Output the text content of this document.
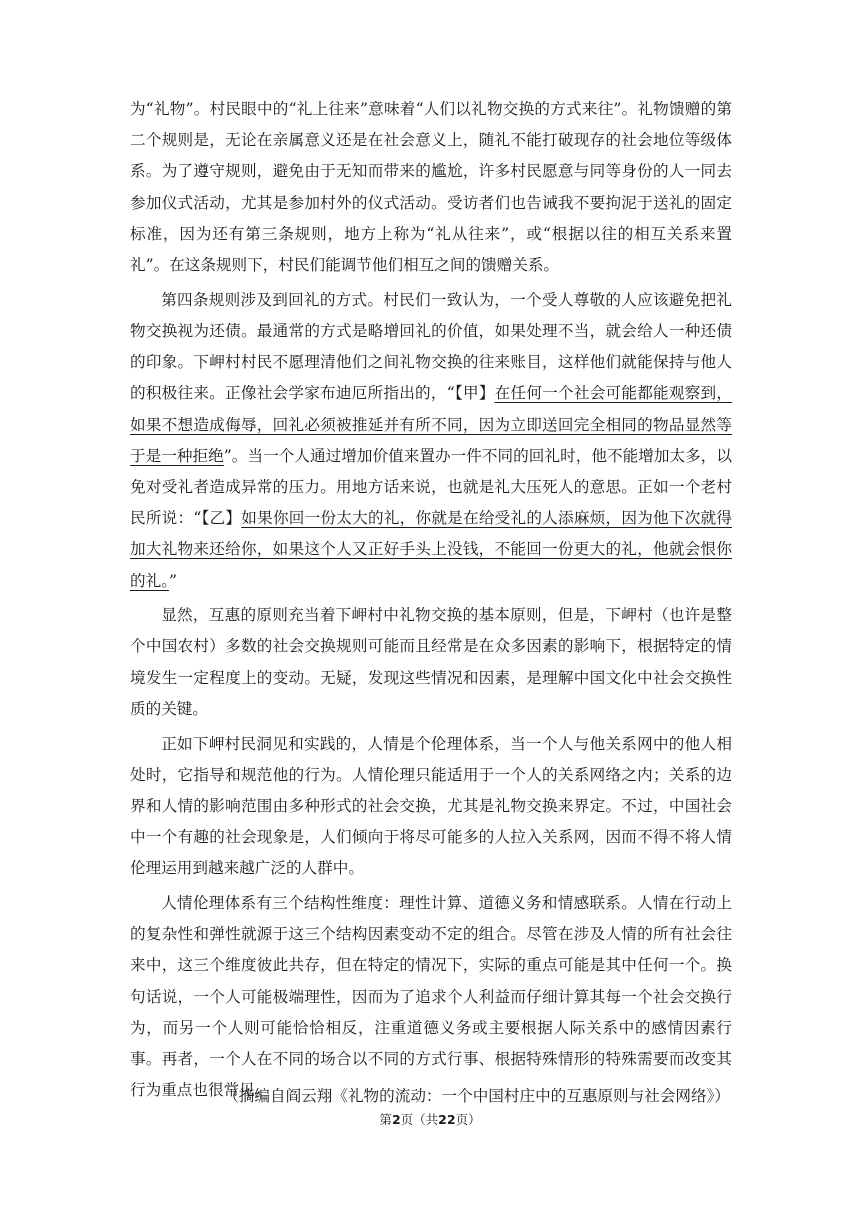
为“礼物”。村民眼中的“礼上往来”意味着“人们以礼物交换的方式来往”。礼物馈赠的第二个规则是，无论在亲属意义还是在社会意义上，随礼不能打破现存的社会地位等级体系。为了遵守规则，避免由于无知而带来的尴尬，许多村民愿意与同等身份的人一同去参加仪式活动，尤其是参加村外的仪式活动。受访者们也告诫我不要拘泥于送礼的固定标准，因为还有第三条规则，地方上称为“礼从往来”，或“根据以往的相互关系来置礼”。在这条规则下，村民们能调节他们相互之间的馈赠关系。

第四条规则涉及到回礼的方式。村民们一致认为，一个受人尊敬的人应该避免把礼物交换视为还债。最通常的方式是略增回礼的价值，如果处理不当，就会给人一种还债的印象。下岬村村民不愿理清他们之间礼物交换的往来账目，这样他们就能保持与他人的积极往来。正像社会学家布迪厄所指出的，“【甲】在任何一个社会可能都能观察到，如果不想造成侮辱，回礼必须被推延并有所不同，因为立即送回完全相同的物品显然等于是一种拒绝”。当一个人通过增加价值来置办一件不同的回礼时，他不能增加太多，以免对受礼者造成异常的压力。用地方话来说，也就是礼大压死人的意思。正如一个老村民所说：“【乙】如果你回一份太大的礼，你就是在给受礼的人添麻烦，因为他下次就得加大礼物来还给你，如果这个人又正好手头上没钱，不能回一份更大的礼，他就会恨你的礼。”

显然，互惠的原则充当着下岬村中礼物交换的基本原则，但是，下岬村（也许是整个中国农村）多数的社会交换规则可能而且经常是在众多因素的影响下，根据特定的情境发生一定程度上的变动。无疑，发现这些情况和因素，是理解中国文化中社会交换性质的关键。

正如下岬村民洞见和实践的，人情是个伦理体系，当一个人与他关系网中的他人相处时，它指导和规范他的行为。人情伦理只能适用于一个人的关系网络之内；关系的边界和人情的影响范围由多种形式的社会交换，尤其是礼物交换来界定。不过，中国社会中一个有趣的社会现象是，人们倾向于将尽可能多的人拉入关系网，因而不得不将人情伦理运用到越来越广泛的人群中。

人情伦理体系有三个结构性维度：理性计算、道德义务和情感联系。人情在行动上的复杂性和弹性就源于这三个结构因素变动不定的组合。尽管在涉及人情的所有社会往来中，这三个维度彼此共存，但在特定的情况下，实际的重点可能是其中任何一个。换句话说，一个人可能极端理性，因而为了追求个人利益而仔细计算其每一个社会交换行为，而另一个人则可能恰恰相反，注重道德义务或主要根据人际关系中的感情因素行事。再者，一个人在不同的场合以不同的方式行事、根据特殊情形的特殊需要而改变其行为重点也很常见。

（摘编自阎云翔《礼物的流动：一个中国村庄中的互惠原则与社会网络》）
第2页（共22页）
